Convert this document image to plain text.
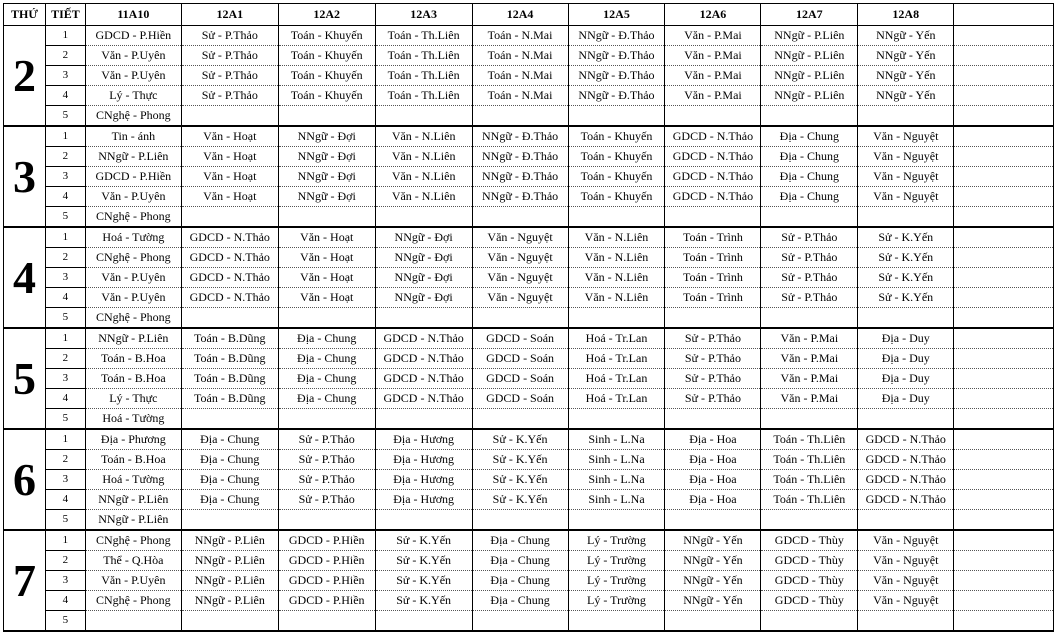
THỨ	TIẾT	11A10	12A1	12A2	12A3	12A4	12A5	12A6	12A7	12A8	
2	1	GDCD - P.Hiền	Sử - P.Thảo	Toán - Khuyến	Toán - Th.Liên	Toán - N.Mai	NNgữ - Đ.Thảo	Văn - P.Mai	NNgữ - P.Liên	NNgữ - Yến	
	2	Văn - P.Uyên	Sử - P.Thảo	Toán - Khuyến	Toán - Th.Liên	Toán - N.Mai	NNgữ - Đ.Thảo	Văn - P.Mai	NNgữ - P.Liên	NNgữ - Yến	
	3	Văn - P.Uyên	Sử - P.Thảo	Toán - Khuyến	Toán - Th.Liên	Toán - N.Mai	NNgữ - Đ.Thảo	Văn - P.Mai	NNgữ - P.Liên	NNgữ - Yến	
	4	Lý - Thực	Sử - P.Thảo	Toán - Khuyến	Toán - Th.Liên	Toán - N.Mai	NNgữ - Đ.Thảo	Văn - P.Mai	NNgữ - P.Liên	NNgữ - Yến	
	5	CNghệ - Phong									
3	1	Tin - ánh	Văn - Hoạt	NNgữ - Đợi	Văn - N.Liên	NNgữ - Đ.Thảo	Toán - Khuyến	GDCD - N.Thảo	Địa - Chung	Văn - Nguyệt	
	2	NNgữ - P.Liên	Văn - Hoạt	NNgữ - Đợi	Văn - N.Liên	NNgữ - Đ.Thảo	Toán - Khuyến	GDCD - N.Thảo	Địa - Chung	Văn - Nguyệt	
	3	GDCD - P.Hiền	Văn - Hoạt	NNgữ - Đợi	Văn - N.Liên	NNgữ - Đ.Thảo	Toán - Khuyến	GDCD - N.Thảo	Địa - Chung	Văn - Nguyệt	
	4	Văn - P.Uyên	Văn - Hoạt	NNgữ - Đợi	Văn - N.Liên	NNgữ - Đ.Thảo	Toán - Khuyến	GDCD - N.Thảo	Địa - Chung	Văn - Nguyệt	
	5	CNghệ - Phong									
4	1	Hoá - Tường	GDCD - N.Thảo	Văn - Hoạt	NNgữ - Đợi	Văn - Nguyệt	Văn - N.Liên	Toán - Trình	Sử - P.Thảo	Sử - K.Yến	
	2	CNghệ - Phong	GDCD - N.Thảo	Văn - Hoạt	NNgữ - Đợi	Văn - Nguyệt	Văn - N.Liên	Toán - Trình	Sử - P.Thảo	Sử - K.Yến	
	3	Văn - P.Uyên	GDCD - N.Thảo	Văn - Hoạt	NNgữ - Đợi	Văn - Nguyệt	Văn - N.Liên	Toán - Trình	Sử - P.Thảo	Sử - K.Yến	
	4	Văn - P.Uyên	GDCD - N.Thảo	Văn - Hoạt	NNgữ - Đợi	Văn - Nguyệt	Văn - N.Liên	Toán - Trình	Sử - P.Thảo	Sử - K.Yến	
	5	CNghệ - Phong									
5	1	NNgữ - P.Liên	Toán - B.Dũng	Địa - Chung	GDCD - N.Thảo	GDCD - Soán	Hoá - Tr.Lan	Sử - P.Thảo	Văn - P.Mai	Địa - Duy	
	2	Toán - B.Hoa	Toán - B.Dũng	Địa - Chung	GDCD - N.Thảo	GDCD - Soán	Hoá - Tr.Lan	Sử - P.Thảo	Văn - P.Mai	Địa - Duy	
	3	Toán - B.Hoa	Toán - B.Dũng	Địa - Chung	GDCD - N.Thảo	GDCD - Soán	Hoá - Tr.Lan	Sử - P.Thảo	Văn - P.Mai	Địa - Duy	
	4	Lý - Thực	Toán - B.Dũng	Địa - Chung	GDCD - N.Thảo	GDCD - Soán	Hoá - Tr.Lan	Sử - P.Thảo	Văn - P.Mai	Địa - Duy	
	5	Hoá - Tường									
6	1	Địa - Phương	Địa - Chung	Sử - P.Thảo	Địa - Hương	Sử - K.Yến	Sinh - L.Na	Địa - Hoa	Toán - Th.Liên	GDCD - N.Thảo	
	2	Toán - B.Hoa	Địa - Chung	Sử - P.Thảo	Địa - Hương	Sử - K.Yến	Sinh - L.Na	Địa - Hoa	Toán - Th.Liên	GDCD - N.Thảo	
	3	Hoá - Tường	Địa - Chung	Sử - P.Thảo	Địa - Hương	Sử - K.Yến	Sinh - L.Na	Địa - Hoa	Toán - Th.Liên	GDCD - N.Thảo	
	4	NNgữ - P.Liên	Địa - Chung	Sử - P.Thảo	Địa - Hương	Sử - K.Yến	Sinh - L.Na	Địa - Hoa	Toán - Th.Liên	GDCD - N.Thảo	
	5	NNgữ - P.Liên									
7	1	CNghệ - Phong	NNgữ - P.Liên	GDCD - P.Hiền	Sử - K.Yến	Địa - Chung	Lý - Trường	NNgữ - Yến	GDCD - Thùy	Văn - Nguyệt	
	2	Thể - Q.Hòa	NNgữ - P.Liên	GDCD - P.Hiền	Sử - K.Yến	Địa - Chung	Lý - Trường	NNgữ - Yến	GDCD - Thùy	Văn - Nguyệt	
	3	Văn - P.Uyên	NNgữ - P.Liên	GDCD - P.Hiền	Sử - K.Yến	Địa - Chung	Lý - Trường	NNgữ - Yến	GDCD - Thùy	Văn - Nguyệt	
	4	CNghệ - Phong	NNgữ - P.Liên	GDCD - P.Hiền	Sử - K.Yến	Địa - Chung	Lý - Trường	NNgữ - Yến	GDCD - Thùy	Văn - Nguyệt	
	5										
